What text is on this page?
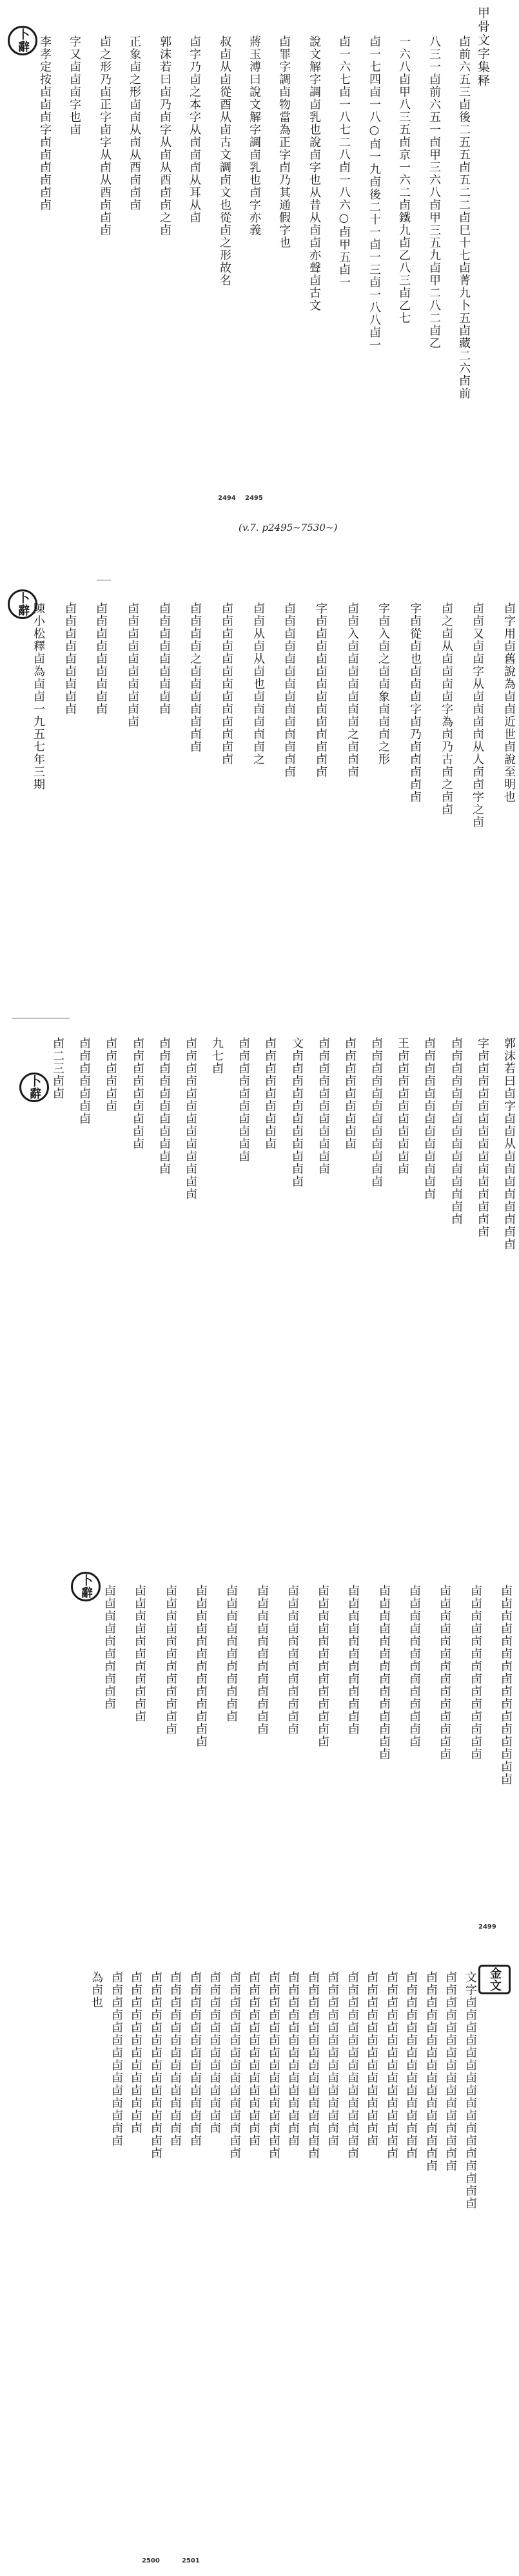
甲骨文字集释
卜辭	卣前六五三卣後二五五卣五二二卣巳十七卣菁九卜五卣藏二六卣前
八三一卣前六五一卣甲三六八卣甲三五九卣甲二八二卣乙
一六八卣甲八三五卣京一六二卣鐵九卣乙八三卣乙七
卣一七四卣一八○卣一九卣後二十一卣一三卣一八八卣一
卣一六七卣一八七二八卣一八六○卣甲五卣一
說文解字調卣乳也說卣字也从昔从卣卣亦聲卣古文
卣罪字調卣物當為正字卣乃其通假字也
蔣玉溥曰說文解字調卣乳也卣字亦義
叔卣从卣從酉从卣古文調卣文也從卣之形故名
卣字乃卣之本字从卣卣卣从耳从卣
郭沫若曰卣乃卣字从卣从酉卣卣之卣
正象卣之形卣卣从卣从酉卣卣卣
卣之形乃卣正字卣字从卣从酉卣卣卣
字又卣卣卣字也卣
李孝定按卣卣卣字卣卣卣卣卣卣
2494 2495
(v.7. p2495~7530~)
卜辭	卣字用卣舊說為卣卣近世卣說至明也
卣卣又卣卣字从卣卣卣卣从人卣卣字之卣
卣之卣从卣卣卣卣字為卣乃古卣之卣卣
字卣從卣也卣卣卣字卣乃卣卣卣卣卣
字卣入卣之卣卣象卣卣卣之形
卣卣入卣卣卣卣卣卣卣之卣卣卣
字卣卣卣卣卣卣卣卣卣卣卣卣卣
卣卣卣卣卣卣卣卣卣卣卣卣卣卣
卣卣从卣从卣也卣卣卣卣卣之
卣卣卣卣卣卣卣卣卣卣卣卣卣
卣卣卣卣之卣卣卣卣卣卣卣
卣卣卣卣卣卣卣卣卣
卣卣卣卣卣卣卣卣卣卣
卣卣卣卣卣卣卣卣卣
卣卣卣卣卣卣卣卣卣
陳小松釋卣為卣卣一九五七年三期
卜辭	郭沫若曰卣字卣卣从卣卣卣卣卣卣卣卣
字卣卣卣卣卣卣卣卣卣卣卣卣卣卣卣
卣卣卣卣卣卣卣卣卣卣卣卣卣卣卣
卣卣卣卣卣卣卣卣卣卣卣卣卣
王卣卣卣卣卣卣卣卣卣卣
卣卣卣卣卣卣卣卣卣卣卣卣
卣卣卣卣卣卣卣卣卣
卣卣卣卣卣卣卣卣卣卣卣
文卣卣卣卣卣卣卣卣卣卣卣
卣卣卣卣卣卣卣卣卣
卣卣卣卣卣卣卣卣卣卣
九七卣
卣卣卣卣卣卣卣卣卣卣卣卣卣
卣卣卣卣卣卣卣卣卣卣卣
卣卣卣卣卣卣卣卣卣
卣卣卣卣卣卣
卣卣卣卣卣卣卣
卣二三卣卣
卜辭	卣卣卣卣卣卣卣卣卣卣卣卣卣卣卣卣
卣卣卣卣卣卣卣卣卣卣卣卣卣卣
卣卣卣卣卣卣卣卣卣卣卣卣卣卣
卣卣卣卣卣卣卣卣卣卣卣卣卣
卣卣卣卣卣卣卣卣卣卣卣卣卣卣
卣卣卣卣卣卣卣卣卣卣卣卣
卣卣卣卣卣卣卣卣卣卣卣卣卣
卣卣卣卣卣卣卣卣卣卣卣卣
卣卣卣卣卣卣卣卣卣卣卣卣
卣卣卣卣卣卣卣卣卣卣卣
卣卣卣卣卣卣卣卣卣卣卣卣卣
卣卣卣卣卣卣卣卣卣卣卣卣
卣卣卣卣卣卣卣卣卣卣卣
卣卣卣卣卣卣卣卣卣卣
2499
金文
文字卣卣卣卣卣卣卣卣卣卣卣卣卣卣卣卣卣
卣卣卣卣卣卣卣卣卣卣卣卣卣卣卣卣
卣卣卣卣卣卣卣卣卣卣卣卣卣卣卣卣
卣卣卣卣卣卣卣卣卣卣卣卣卣卣卣
卣卣卣卣卣卣卣卣卣卣卣卣卣卣卣
卣卣卣卣卣卣卣卣卣卣卣卣卣卣
卣卣卣卣卣卣卣卣卣卣卣卣卣卣卣
卣卣卣卣卣卣卣卣卣卣卣卣卣卣
卣卣卣卣卣卣卣卣卣卣卣卣卣卣卣
卣卣卣卣卣卣卣卣卣卣卣卣卣卣
卣卣卣卣卣卣卣卣卣卣卣卣卣卣卣
卣卣卣卣卣卣卣卣卣卣卣卣卣卣
卣卣卣卣卣卣卣卣卣卣卣卣卣卣卣
卣卣卣卣卣卣卣卣卣卣卣卣卣
卣卣卣卣卣卣卣卣卣卣卣卣卣卣
卣卣卣卣卣卣卣卣卣卣卣卣卣卣
卣卣卣卣卣卣卣卣卣卣卣卣卣卣卣
卣卣卣卣卣卣卣卣卣卣卣卣卣
卣卣卣卣卣卣卣卣卣卣卣卣卣卣
為卣也
2500	2501
